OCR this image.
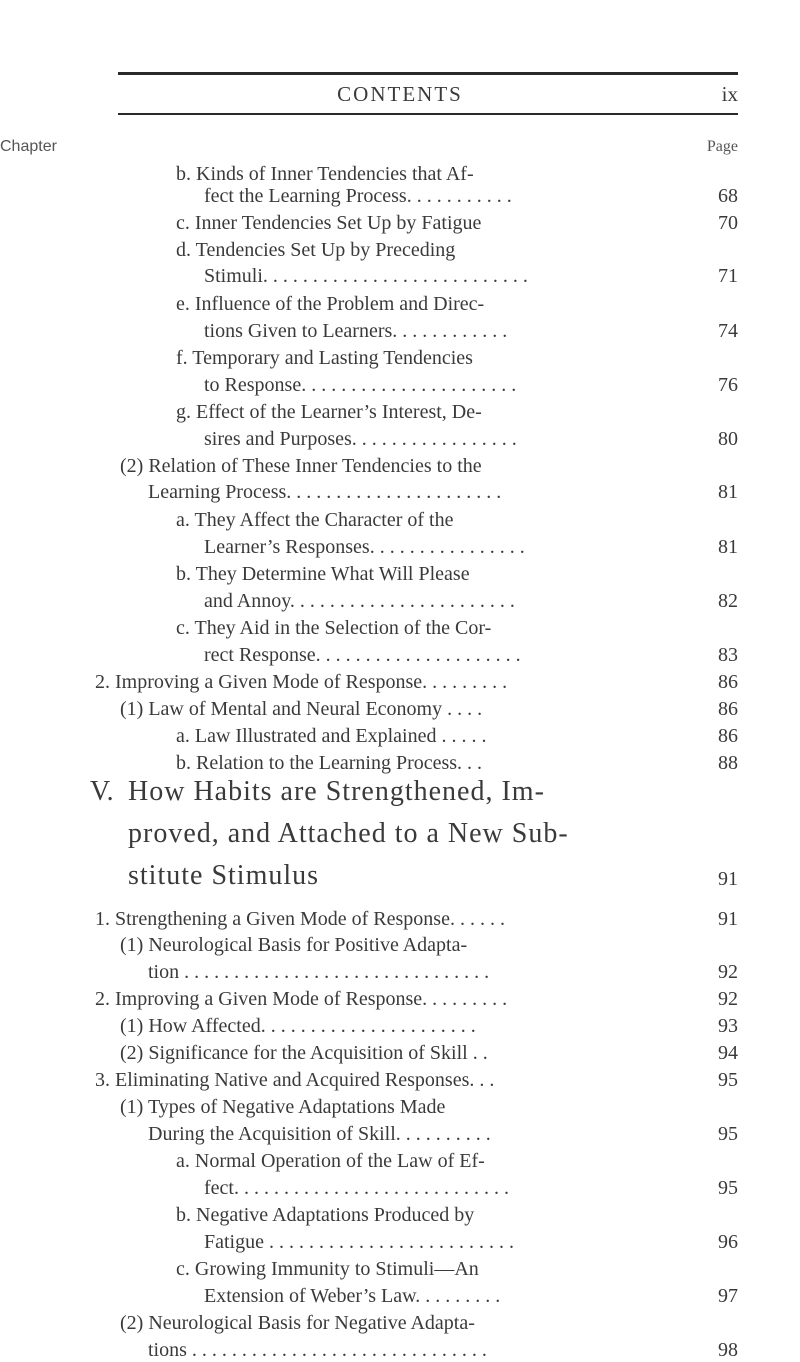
CONTENTS	ix
Chapter	Page
b. Kinds of Inner Tendencies that Af-
fect the Learning Process. . . . . . . . . . .	68
c. Inner Tendencies Set Up by Fatigue	70
d. Tendencies Set Up by Preceding
Stimuli. . . . . . . . . . . . . . . . . . . . . . . . . . .	71
e. Influence of the Problem and Direc-
tions Given to Learners. . . . . . . . . . . .	74
f. Temporary and Lasting Tendencies
to Response. . . . . . . . . . . . . . . . . . . . . .	76
g. Effect of the Learner’s Interest, De-
sires and Purposes. . . . . . . . . . . . . . . . .	80
(2) Relation of These Inner Tendencies to the
Learning Process. . . . . . . . . . . . . . . . . . . . . .	81
a. They Affect the Character of the
Learner’s Responses. . . . . . . . . . . . . . . .	81
b. They Determine What Will Please
and Annoy. . . . . . . . . . . . . . . . . . . . . . .	82
c. They Aid in the Selection of the Cor-
rect Response. . . . . . . . . . . . . . . . . . . . .	83
2. Improving a Given Mode of Response. . . . . . . . .	86
(1) Law of Mental and Neural Economy . . . .	86
a. Law Illustrated and Explained . . . . .	86
b. Relation to the Learning Process. . .	88
V. How Habits are Strengthened, Im-
proved, and Attached to a New Sub-
stitute Stimulus	91
1. Strengthening a Given Mode of Response. . . . . .	91
(1) Neurological Basis for Positive Adapta-
tion . . . . . . . . . . . . . . . . . . . . . . . . . . . . . . .	92
2. Improving a Given Mode of Response. . . . . . . . .	92
(1) How Affected. . . . . . . . . . . . . . . . . . . . . .	93
(2) Significance for the Acquisition of Skill . .	94
3. Eliminating Native and Acquired Responses. . .	95
(1) Types of Negative Adaptations Made
During the Acquisition of Skill. . . . . . . . . .	95
a. Normal Operation of the Law of Ef-
fect. . . . . . . . . . . . . . . . . . . . . . . . . . . .	95
b. Negative Adaptations Produced by
Fatigue . . . . . . . . . . . . . . . . . . . . . . . . .	96
c. Growing Immunity to Stimuli—An
Extension of Weber’s Law. . . . . . . . .	97
(2) Neurological Basis for Negative Adapta-
tions . . . . . . . . . . . . . . . . . . . . . . . . . . . . . .	98
